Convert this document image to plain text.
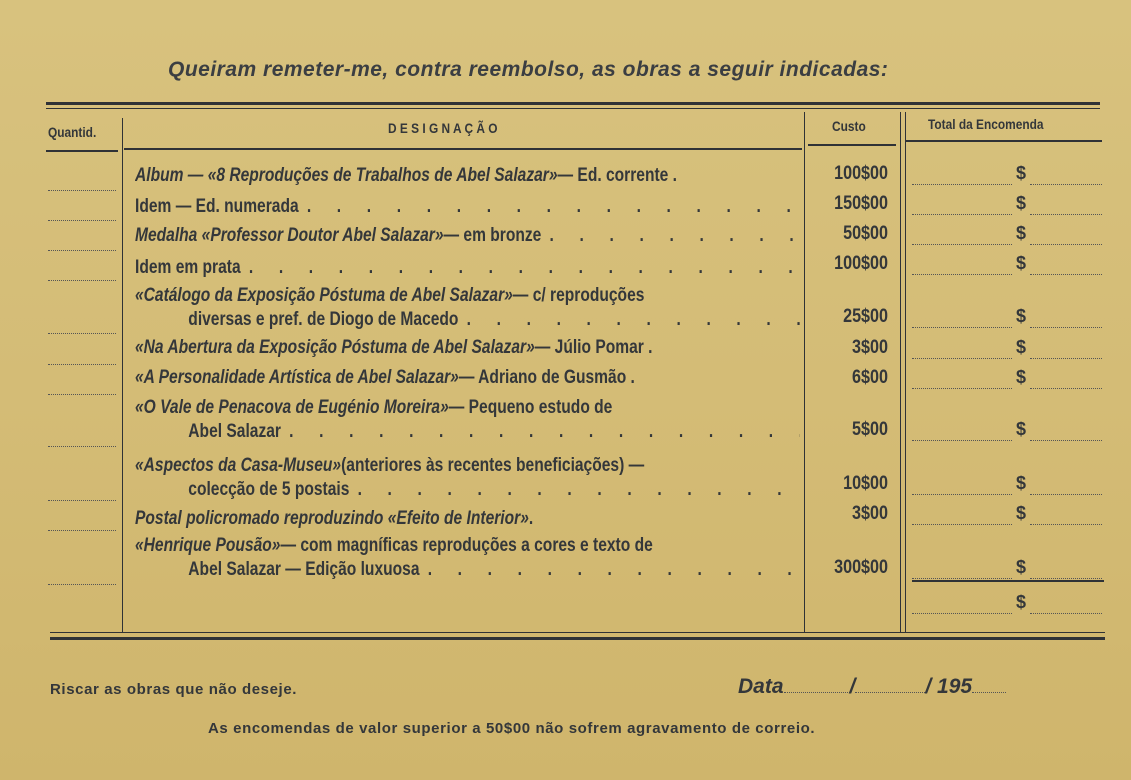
Queiram remeter-me, contra reembolso, as obras a seguir indicadas:
Quantid.	D E S I G N A Ç Ã O	Custo	Total da Encomenda
Album — «8 Reproduções de Trabalhos de Abel Salazar» — Ed. corrente .	100$00	$
Idem — Ed. numerada . . .	150$00	$
Medalha «Professor Doutor Abel Salazar» — em bronze . . .	50$00	$
Idem em prata . . .	100$00	$
«Catálogo da Exposição Póstuma de Abel Salazar» — c/ reproduções
diversas e pref. de Diogo de Macedo . . .	25$00	$
«Na Abertura da Exposição Póstuma de Abel Salazar» — Júlio Pomar .	3$00	$
«A Personalidade Artística de Abel Salazar» — Adriano de Gusmão .	6$00	$
«O Vale de Penacova de Eugénio Moreira» — Pequeno estudo de
Abel Salazar . . .	5$00	$
«Aspectos da Casa-Museu» (anteriores às recentes beneficiações) —
colecção de 5 postais . . .	10$00	$
Postal policromado reproduzindo «Efeito de Interior» .	3$00	$
«Henrique Pousão» — com magníficas reproduções a cores e texto de
Abel Salazar — Edição luxuosa . . .	300$00	$
$
Riscar as obras que não deseje.	Data	/	/ 195
As encomendas de valor superior a 50$00 não sofrem agravamento de correio.
